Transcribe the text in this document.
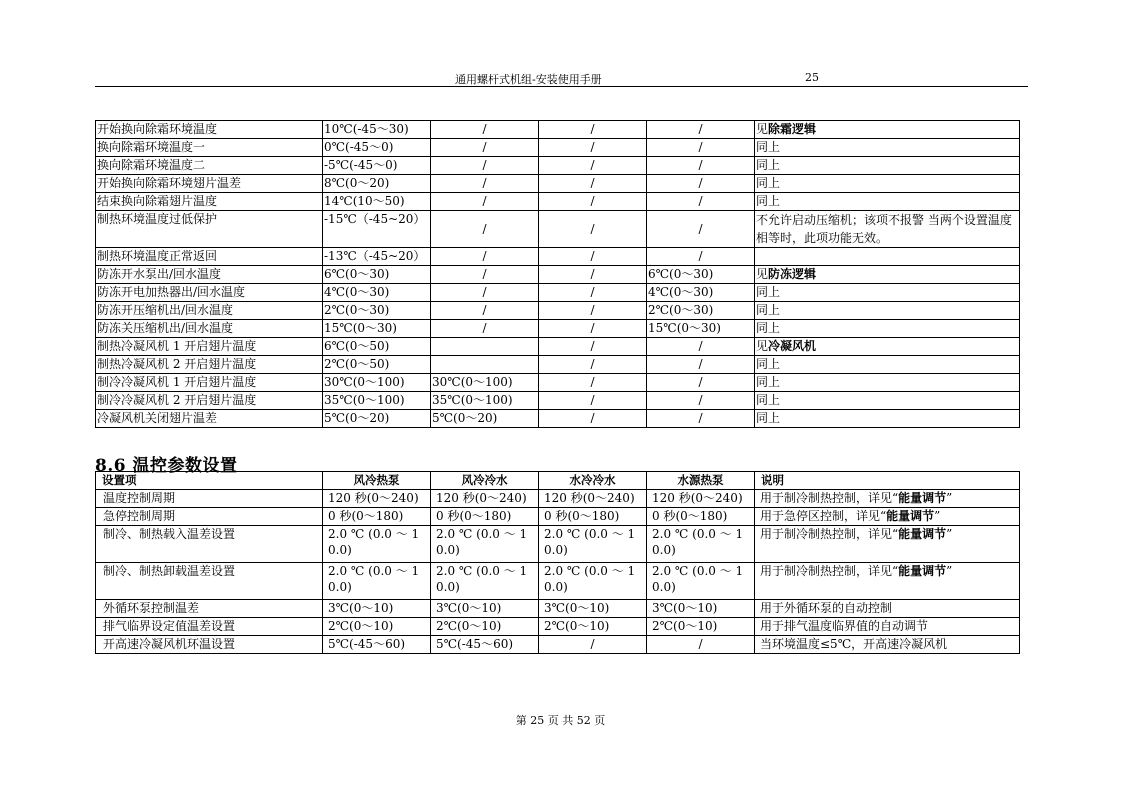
通用螺杆式机组-安装使用手册	25
开始换向除霜环境温度	10℃(-45～30)	/	/	/	见除霜逻辑
换向除霜环境温度一	0℃(-45～0)	/	/	/	同上
换向除霜环境温度二	-5℃(-45～0)	/	/	/	同上
开始换向除霜环境翅片温差	8℃(0～20)	/	/	/	同上
结束换向除霜翅片温度	14℃(10～50)	/	/	/	同上
制热环境温度过低保护	-15℃（-45~20）	/	/	/	不允许启动压缩机；该项不报警 当两个设置温度相等时，此项功能无效。
制热环境温度正常返回	-13℃（-45~20）	/	/	/	
防冻开水泵出/回水温度	6℃(0～30)	/	/	6℃(0～30)	见防冻逻辑
防冻开电加热器出/回水温度	4℃(0～30)	/	/	4℃(0～30)	同上
防冻开压缩机出/回水温度	2℃(0～30)	/	/	2℃(0～30)	同上
防冻关压缩机出/回水温度	15℃(0～30)	/	/	15℃(0～30)	同上
制热冷凝风机 1 开启翅片温度	6℃(0～50)		/	/	见冷凝风机
制热冷凝风机 2 开启翅片温度	2℃(0～50)		/	/	同上
制冷冷凝风机 1 开启翅片温度	30℃(0～100)	30℃(0～100)	/	/	同上
制冷冷凝风机 2 开启翅片温度	35℃(0～100)	35℃(0～100)	/	/	同上
冷凝风机关闭翅片温差	5℃(0～20)	5℃(0～20)	/	/	同上
8.6 温控参数设置
设置项	风冷热泵	风冷冷水	水冷冷水	水源热泵	说明
温度控制周期	120 秒(0～240)	120 秒(0～240)	120 秒(0～240)	120 秒(0～240)	用于制冷制热控制，详见“能量调节”
急停控制周期	0 秒(0～180)	0 秒(0～180)	0 秒(0～180)	0 秒(0～180)	用于急停区控制，详见“能量调节”
制冷、制热载入温差设置	2.0 ℃ (0.0 ～ 10.0)	2.0 ℃ (0.0 ～ 10.0)	2.0 ℃ (0.0 ～ 10.0)	2.0 ℃ (0.0 ～ 10.0)	用于制冷制热控制，详见“能量调节”
制冷、制热卸载温差设置	2.0 ℃ (0.0 ～ 10.0)	2.0 ℃ (0.0 ～ 10.0)	2.0 ℃ (0.0 ～ 10.0)	2.0 ℃ (0.0 ～ 10.0)	用于制冷制热控制，详见“能量调节”
外循环泵控制温差	3℃(0～10)	3℃(0～10)	3℃(0～10)	3℃(0～10)	用于外循环泵的自动控制
排气临界设定值温差设置	2℃(0～10)	2℃(0～10)	2℃(0～10)	2℃(0～10)	用于排气温度临界值的自动调节
开高速冷凝风机环温设置	5℃(-45～60)	5℃(-45～60)	/	/	当环境温度≤5℃，开高速冷凝风机
第 25 页 共 52 页
